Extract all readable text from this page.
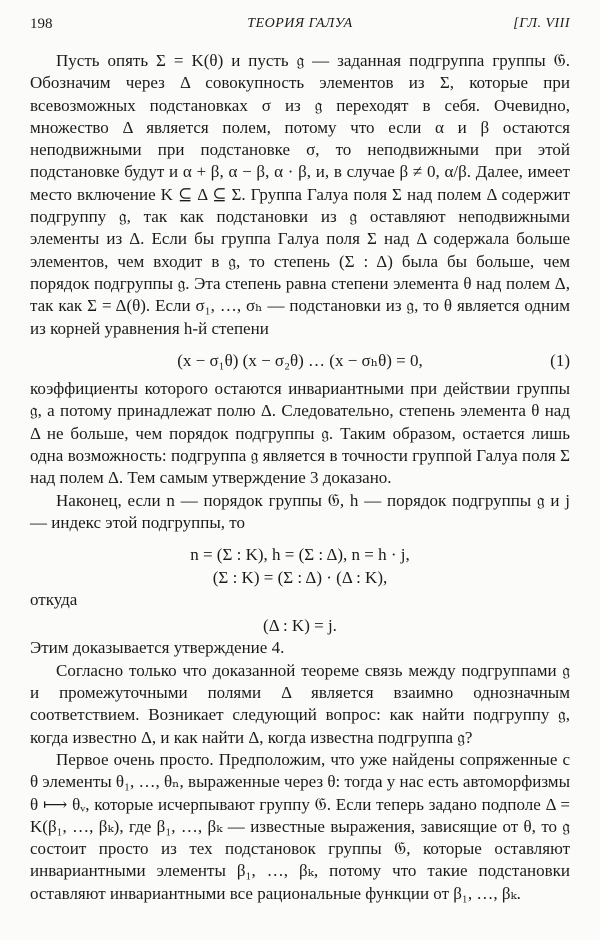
198	ТЕОРИЯ ГАЛУА	[ГЛ. VIII

Пусть опять Σ = K(θ) и пусть 𝔤 — заданная подгруппа группы 𝔊. Обозначим через Δ совокупность элементов из Σ, которые при всевозможных подстановках σ из 𝔤 переходят в себя. Очевидно, множество Δ является полем, потому что если α и β остаются неподвижными при подстановке σ, то неподвижными при этой подстановке будут и α + β, α − β, α · β, и, в случае β ≠ 0, α/β. Далее, имеет место включение K ⊆ Δ ⊆ Σ. Группа Галуа поля Σ над полем Δ содержит подгруппу 𝔤, так как подстановки из 𝔤 оставляют неподвижными элементы из Δ. Если бы группа Галуа поля Σ над Δ содержала больше элементов, чем входит в 𝔤, то степень (Σ : Δ) была бы больше, чем порядок подгруппы 𝔤. Эта степень равна степени элемента θ над полем Δ, так как Σ = Δ(θ). Если σ₁, …, σₕ — подстановки из 𝔤, то θ является одним из корней уравнения h-й степени

(x − σ₁θ) (x − σ₂θ) … (x − σₕθ) = 0,	(1)

коэффициенты которого остаются инвариантными при действии группы 𝔤, а потому принадлежат полю Δ. Следовательно, степень элемента θ над Δ не больше, чем порядок подгруппы 𝔤. Таким образом, остается лишь одна возможность: подгруппа 𝔤 является в точности группой Галуа поля Σ над полем Δ. Тем самым утверждение 3 доказано.

Наконец, если n — порядок группы 𝔊, h — порядок подгруппы 𝔤 и j — индекс этой подгруппы, то

n = (Σ : K), h = (Σ : Δ), n = h · j,
(Σ : K) = (Σ : Δ) · (Δ : K),

откуда

(Δ : K) = j.

Этим доказывается утверждение 4.

Согласно только что доказанной теореме связь между подгруппами 𝔤 и промежуточными полями Δ является взаимно однозначным соответствием. Возникает следующий вопрос: как найти подгруппу 𝔤, когда известно Δ, и как найти Δ, когда известна подгруппа 𝔤?

Первое очень просто. Предположим, что уже найдены сопряженные с θ элементы θ₁, …, θₙ, выраженные через θ: тогда у нас есть автоморфизмы θ ⟼ θᵥ, которые исчерпывают группу 𝔊. Если теперь задано подполе Δ = K(β₁, …, βₖ), где β₁, …, βₖ — известные выражения, зависящие от θ, то 𝔤 состоит просто из тех подстановок группы 𝔊, которые оставляют инвариантными элементы β₁, …, βₖ, потому что такие подстановки оставляют инвариантными все рациональные функции от β₁, …, βₖ.
